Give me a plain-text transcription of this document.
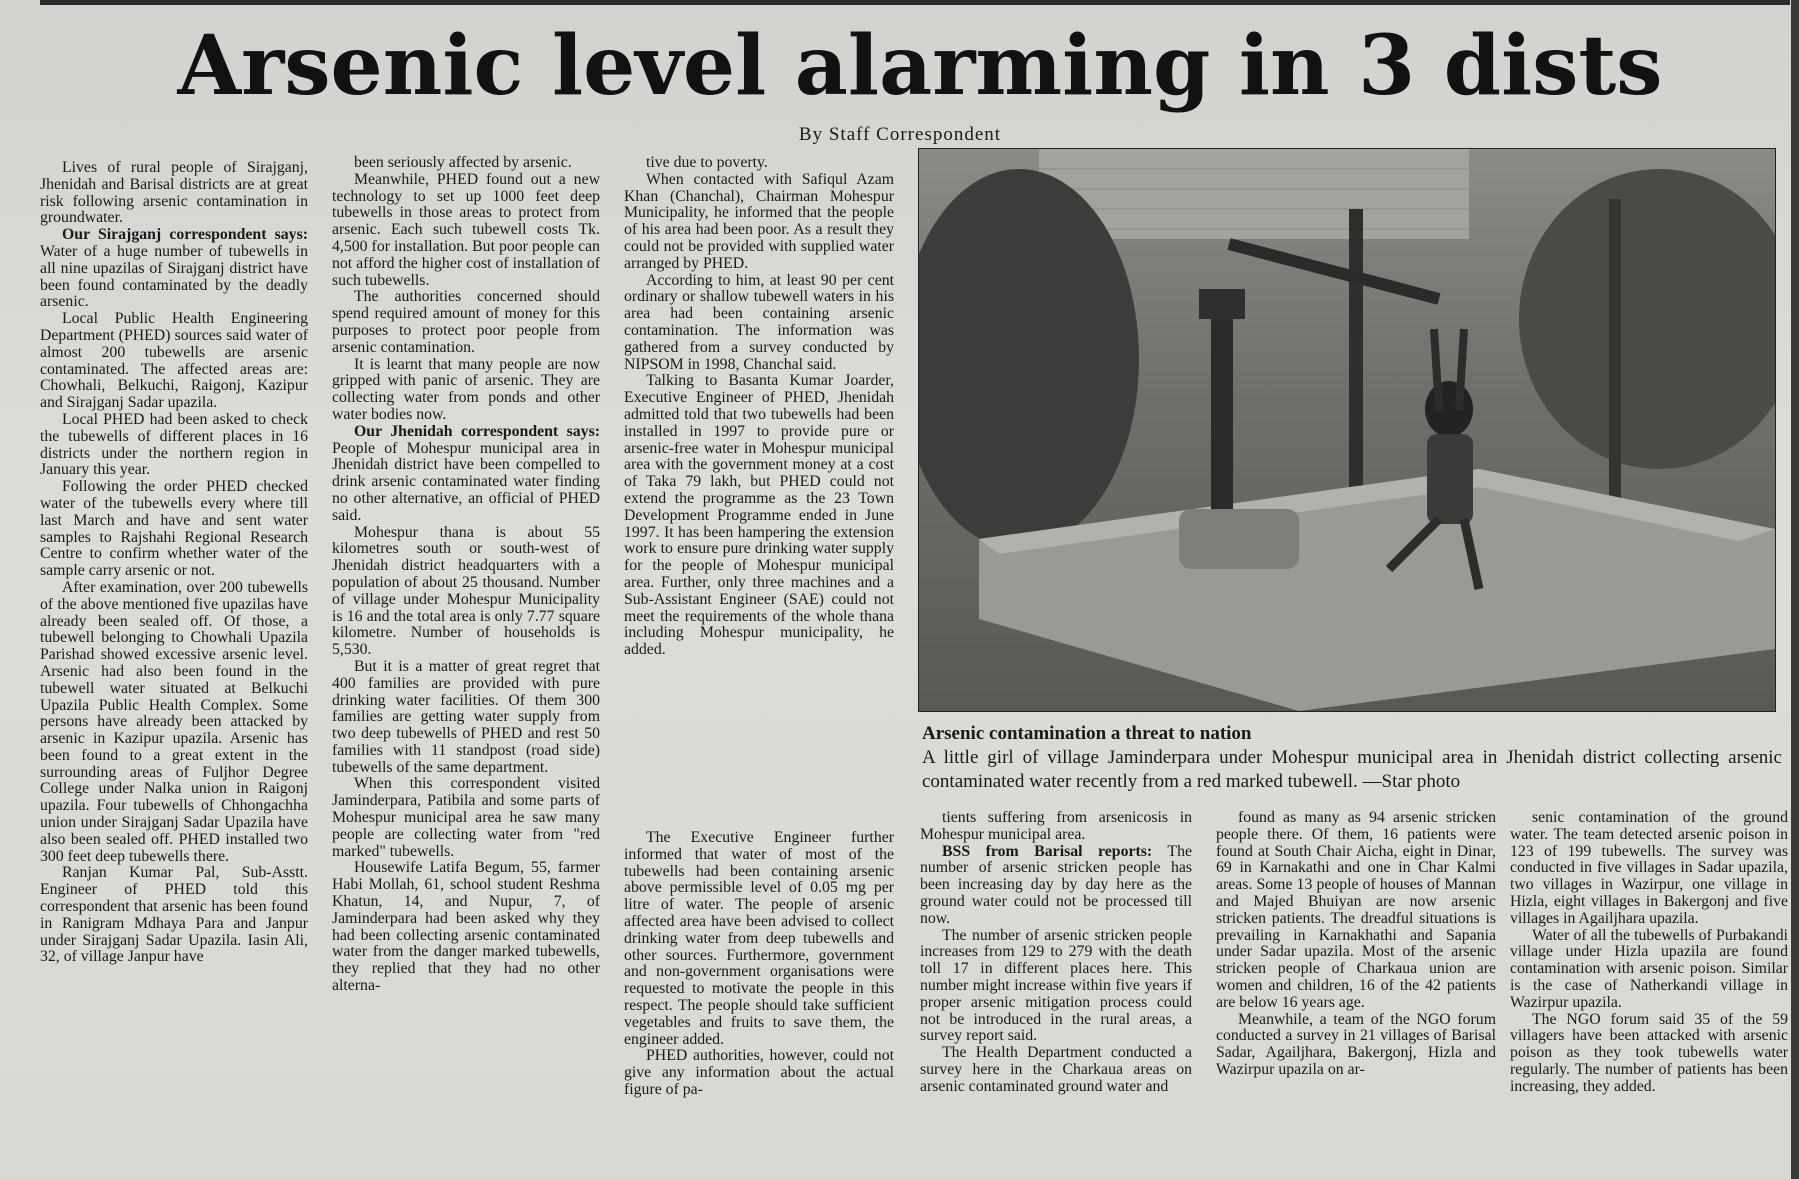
Arsenic level alarming in 3 dists
By Staff Correspondent

Lives of rural people of Sirajganj, Jhenidah and Barisal districts are at great risk following arsenic contamination in groundwater.

Our Sirajganj correspondent says: Water of a huge number of tubewells in all nine upazilas of Sirajganj district have been found contaminated by the deadly arsenic.

Local Public Health Engineering Department (PHED) sources said water of almost 200 tubewells are arsenic contaminated. The affected areas are: Chowhali, Belkuchi, Raigonj, Kazipur and Sirajganj Sadar upazila.

Local PHED had been asked to check the tubewells of different places in 16 districts under the northern region in January this year.

Following the order PHED checked water of the tubewells every where till last March and have and sent water samples to Rajshahi Regional Research Centre to confirm whether water of the sample carry arsenic or not.

After examination, over 200 tubewells of the above mentioned five upazilas have already been sealed off. Of those, a tubewell belonging to Chowhali Upazila Parishad showed excessive arsenic level. Arsenic had also been found in the tubewell water situated at Belkuchi Upazila Public Health Complex. Some persons have already been attacked by arsenic in Kazipur upazila. Arsenic has been found to a great extent in the surrounding areas of Fuljhor Degree College under Nalka union in Raigonj upazila. Four tubewells of Chhongachha union under Sirajganj Sadar Upazila have also been sealed off. PHED installed two 300 feet deep tubewells there.

Ranjan Kumar Pal, Sub-Asstt. Engineer of PHED told this correspondent that arsenic has been found in Ranigram Mdhaya Para and Janpur under Sirajganj Sadar Upazila. Iasin Ali, 32, of village Janpur have

been seriously affected by arsenic.

Meanwhile, PHED found out a new technology to set up 1000 feet deep tubewells in those areas to protect from arsenic. Each such tubewell costs Tk. 4,500 for installation. But poor people can not afford the higher cost of installation of such tubewells.

The authorities concerned should spend required amount of money for this purposes to protect poor people from arsenic contamination.

It is learnt that many people are now gripped with panic of arsenic. They are collecting water from ponds and other water bodies now.

Our Jhenidah correspondent says: People of Mohespur municipal area in Jhenidah district have been compelled to drink arsenic contaminated water finding no other alternative, an official of PHED said.

Mohespur thana is about 55 kilometres south or south-west of Jhenidah district headquarters with a population of about 25 thousand. Number of village under Mohespur Municipality is 16 and the total area is only 7.77 square kilometre. Number of households is 5,530.

But it is a matter of great regret that 400 families are provided with pure drinking water facilities. Of them 300 families are getting water supply from two deep tubewells of PHED and rest 50 families with 11 standpost (road side) tubewells of the same department.

When this correspondent visited Jaminderpara, Patibila and some parts of Mohespur municipal area he saw many people are collecting water from "red marked" tubewells.

Housewife Latifa Begum, 55, farmer Habi Mollah, 61, school student Reshma Khatun, 14, and Nupur, 7, of Jaminderpara had been asked why they had been collecting arsenic contaminated water from the danger marked tubewells, they replied that they had no other alterna-

tive due to poverty.

When contacted with Safiqul Azam Khan (Chanchal), Chairman Mohespur Municipality, he informed that the people of his area had been poor. As a result they could not be provided with supplied water arranged by PHED.

According to him, at least 90 per cent ordinary or shallow tubewell waters in his area had been containing arsenic contamination. The information was gathered from a survey conducted by NIPSOM in 1998, Chanchal said.

Talking to Basanta Kumar Joarder, Executive Engineer of PHED, Jhenidah admitted told that two tubewells had been installed in 1997 to provide pure or arsenic-free water in Mohespur municipal area with the government money at a cost of Taka 79 lakh, but PHED could not extend the programme as the 23 Town Development Programme ended in June 1997. It has been hampering the extension work to ensure pure drinking water supply for the people of Mohespur municipal area. Further, only three machines and a Sub-Assistant Engineer (SAE) could not meet the requirements of the whole thana including Mohespur municipality, he added.

The Executive Engineer further informed that water of most of the tubewells had been containing arsenic above permissible level of 0.05 mg per litre of water. The people of arsenic affected area have been advised to collect drinking water from deep tubewells and other sources. Furthermore, government and non-government organisations were requested to motivate the people in this respect. The people should take sufficient vegetables and fruits to save them, the engineer added.

PHED authorities, however, could not give any information about the actual figure of pa-

tients suffering from arsenicosis in Mohespur municipal area.

BSS from Barisal reports: The number of arsenic stricken people has been increasing day by day here as the ground water could not be processed till now.

The number of arsenic stricken people increases from 129 to 279 with the death toll 17 in different places here. This number might increase within five years if proper arsenic mitigation process could not be introduced in the rural areas, a survey report said.

The Health Department conducted a survey here in the Charkaua areas on arsenic contaminated ground water and

found as many as 94 arsenic stricken people there. Of them, 16 patients were found at South Chair Aicha, eight in Dinar, 69 in Karnakathi and one in Char Kalmi areas. Some 13 people of houses of Mannan and Majed Bhuiyan are now arsenic stricken patients. The dreadful situations is prevailing in Karnakhathi and Sapania under Sadar upazila. Most of the arsenic stricken people of Charkaua union are women and children, 16 of the 42 patients are below 16 years age.

Meanwhile, a team of the NGO forum conducted a survey in 21 villages of Barisal Sadar, Agailjhara, Bakergonj, Hizla and Wazirpur upazila on ar-

senic contamination of the ground water. The team detected arsenic poison in 123 of 199 tubewells. The survey was conducted in five villages in Sadar upazila, two villages in Wazirpur, one village in Hizla, eight villages in Bakergonj and five villages in Agailjhara upazila.

Water of all the tubewells of Purbakandi village under Hizla upazila are found contamination with arsenic poison. Similar is the case of Natherkandi village in Wazirpur upazila.

The NGO forum said 35 of the 59 villagers have been attacked with arsenic poison as they took tubewells water regularly. The number of patients has been increasing, they added.

Arsenic contamination a threat to nation
A little girl of village Jaminderpara under Mohespur municipal area in Jhenidah district collecting arsenic contaminated water recently from a red marked tubewell. —Star photo
